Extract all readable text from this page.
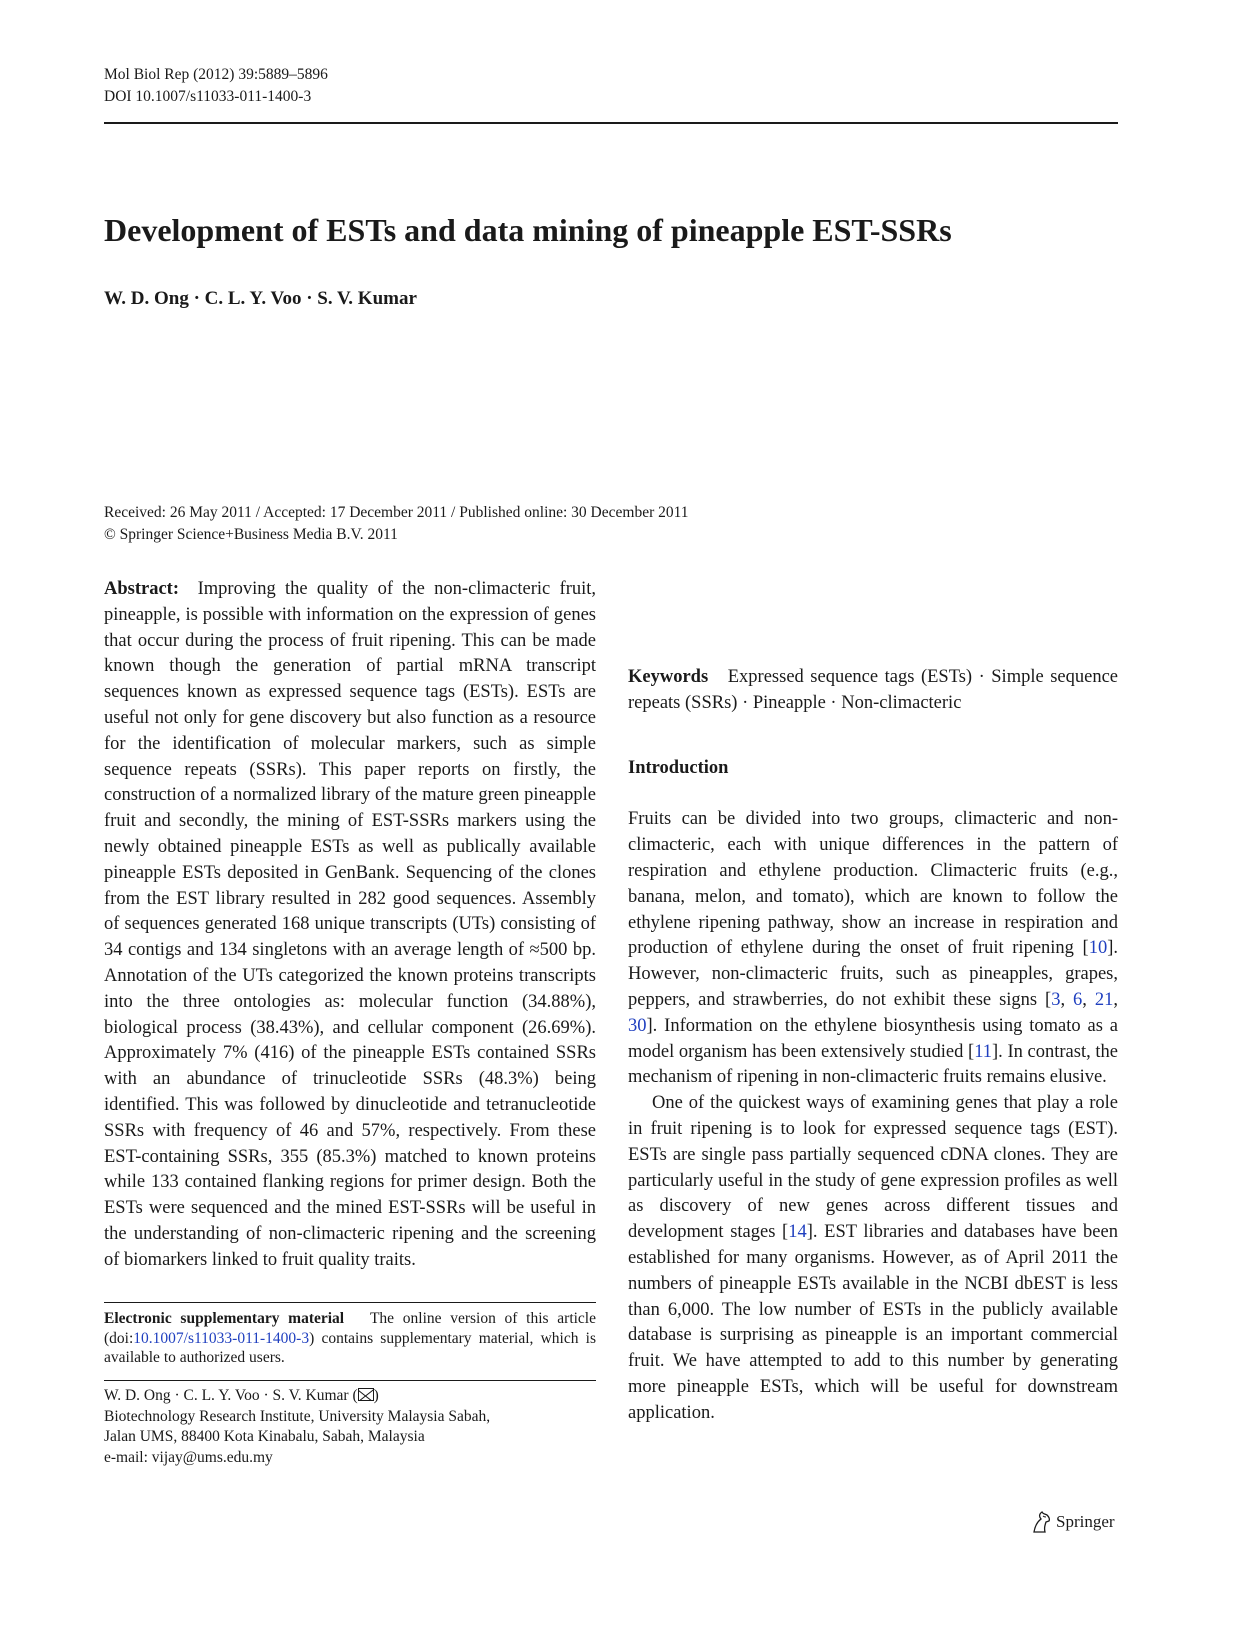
Mol Biol Rep (2012) 39:5889–5896
DOI 10.1007/s11033-011-1400-3
Development of ESTs and data mining of pineapple EST-SSRs
W. D. Ong · C. L. Y. Voo · S. V. Kumar
Received: 26 May 2011 / Accepted: 17 December 2011 / Published online: 30 December 2011
© Springer Science+Business Media B.V. 2011

Abstract: Improving the quality of the non-climacteric fruit, pineapple, is possible with information on the expression of genes that occur during the process of fruit ripening. This can be made known though the generation of partial mRNA transcript sequences known as expressed sequence tags (ESTs). ESTs are useful not only for gene discovery but also function as a resource for the identification of molecular markers, such as simple sequence repeats (SSRs). This paper reports on firstly, the construction of a normalized library of the mature green pineapple fruit and secondly, the mining of EST-SSRs markers using the newly obtained pineapple ESTs as well as publically available pineapple ESTs deposited in GenBank. Sequencing of the clones from the EST library resulted in 282 good sequences. Assembly of sequences generated 168 unique transcripts (UTs) consisting of 34 contigs and 134 singletons with an average length of ≈500 bp. Annotation of the UTs categorized the known proteins transcripts into the three ontologies as: molecular function (34.88%), biological process (38.43%), and cellular component (26.69%). Approximately 7% (416) of the pineapple ESTs contained SSRs with an abundance of trinucleotide SSRs (48.3%) being identified. This was followed by dinucleotide and tetranucleotide SSRs with frequency of 46 and 57%, respectively. From these EST-containing SSRs, 355 (85.3%) matched to known proteins while 133 contained flanking regions for primer design. Both the ESTs were sequenced and the mined EST-SSRs will be useful in the understanding of non-climacteric ripening and the screening of biomarkers linked to fruit quality traits.

Keywords Expressed sequence tags (ESTs) · Simple sequence repeats (SSRs) · Pineapple · Non-climacteric

Introduction

Fruits can be divided into two groups, climacteric and non-climacteric, each with unique differences in the pattern of respiration and ethylene production. Climacteric fruits (e.g., banana, melon, and tomato), which are known to follow the ethylene ripening pathway, show an increase in respiration and production of ethylene during the onset of fruit ripening [10]. However, non-climacteric fruits, such as pineapples, grapes, peppers, and strawberries, do not exhibit these signs [3, 6, 21, 30]. Information on the ethylene biosynthesis using tomato as a model organism has been extensively studied [11]. In contrast, the mechanism of ripening in non-climacteric fruits remains elusive.

One of the quickest ways of examining genes that play a role in fruit ripening is to look for expressed sequence tags (EST). ESTs are single pass partially sequenced cDNA clones. They are particularly useful in the study of gene expression profiles as well as discovery of new genes across different tissues and development stages [14]. EST libraries and databases have been established for many organisms. However, as of April 2011 the numbers of pineapple ESTs available in the NCBI dbEST is less than 6,000. The low number of ESTs in the publicly available database is surprising as pineapple is an important commercial fruit. We have attempted to add to this number by generating more pineapple ESTs, which will be useful for downstream application.

Electronic supplementary material The online version of this article (doi:10.1007/s11033-011-1400-3) contains supplementary material, which is available to authorized users.
W. D. Ong · C. L. Y. Voo · S. V. Kumar ( )
Biotechnology Research Institute, University Malaysia Sabah,
Jalan UMS, 88400 Kota Kinabalu, Sabah, Malaysia
e-mail: vijay@ums.edu.my
Springer
